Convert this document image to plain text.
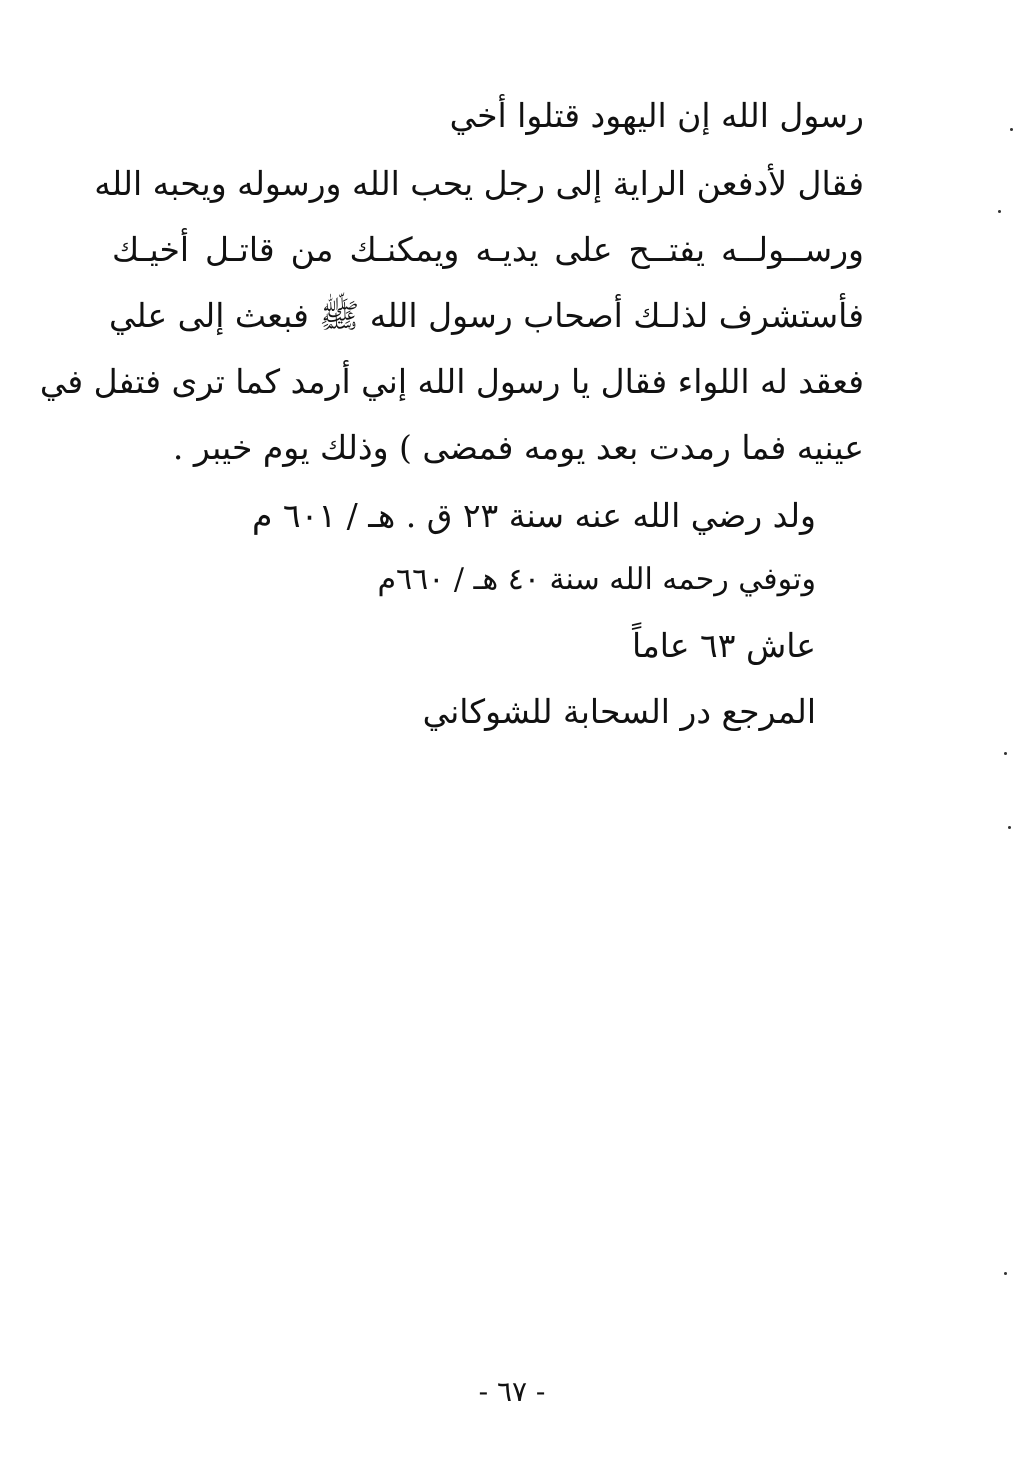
رسول الله إن اليهود قتلوا أخي
فقال لأدفعن الراية إلى رجل يحب الله ورسوله ويحبه الله
ورســولــه يفتــح على يديـه ويمكنـك من قاتـل أخيـك
فأستشرف لذلـك أصحاب رسول الله ﷺ فبعث إلى علي
فعقد له اللواء فقال يا رسول الله إني أرمد كما ترى فتفل في
عينيه فما رمدت بعد يومه فمضى ) وذلك يوم خيبر .
ولد رضي الله عنه سنة ٢٣ ق . هـ / ٦٠١ م
وتوفي رحمه الله سنة ٤٠ هـ / ٦٦٠م
عاش ٦٣ عاماً
المرجع در السحابة للشوكاني
- ٦٧ -
